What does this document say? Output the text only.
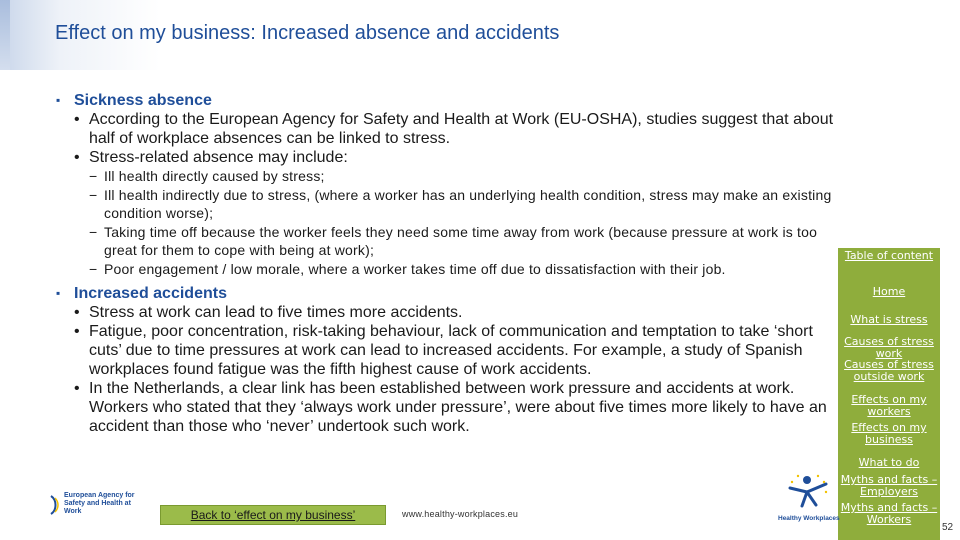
Effect on my business: Increased absence and accidents
▪ Sickness absence
• According to the European Agency for Safety and Health at Work (EU-OSHA), studies suggest that about half of workplace absences can be linked to stress.
• Stress-related absence may include:
− Ill health directly caused by stress;
− Ill health indirectly due to stress, (where a worker has an underlying health condition, stress may make an existing condition worse);
− Taking time off because the worker feels they need some time away from work (because pressure at work is too great for them to cope with being at work);
− Poor engagement / low morale, where a worker takes time off due to dissatisfaction with their job.
▪ Increased accidents
• Stress at work can lead to five times more accidents.
• Fatigue, poor concentration, risk-taking behaviour, lack of communication and temptation to take ‘short cuts’ due to time pressures at work can lead to increased accidents. For example, a study of Spanish workplaces found fatigue was the fifth highest cause of work accidents.
• In the Netherlands, a clear link has been established between work pressure and accidents at work. Workers who stated that they ‘always work under pressure’, were about five times more likely to have an accident than those who ‘never’ undertook such work.
Table of content
Home
What is stress
Causes of stress work
Causes of stress outside work
Effects on my workers
Effects on my business
What to do
Myths and facts – Employers
Myths and facts – Workers
European Agency for Safety and Health at Work	Back to ‘effect on my business’	www.healthy-workplaces.eu	Healthy Workplaces
52
